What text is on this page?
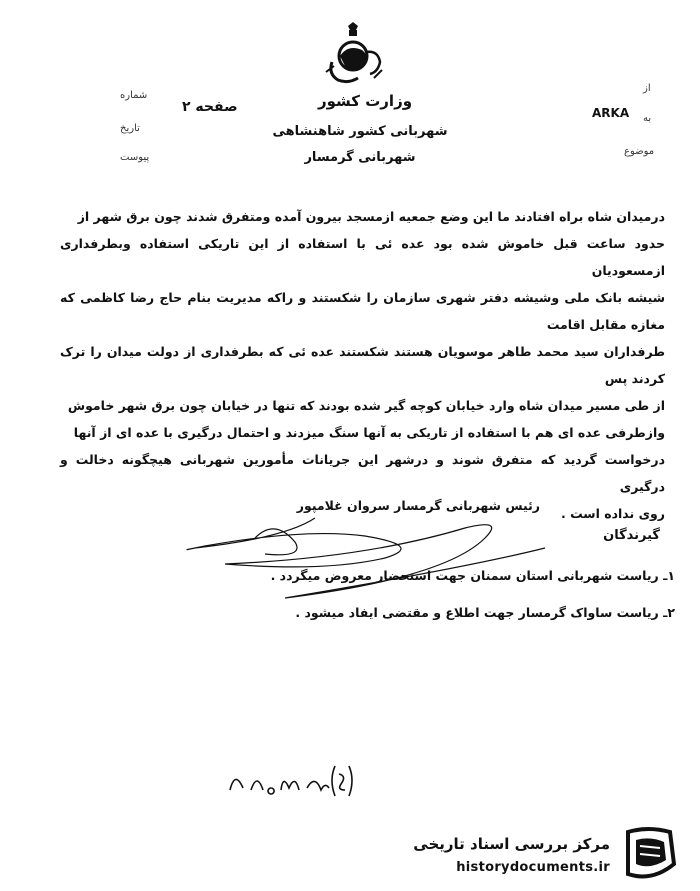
وزارت کشور
شهربانی کشور شاهنشاهی
شهربانی گرمسار
صفحه ۲
شماره
تاریخ
پیوست
از
به
موضوع
ARKA
درمیدان شاه براه افتادند ما این وضع جمعیه ازمسجد بیرون آمده ومتفرق شدند چون برق شهر از
حدود ساعت قبل خاموش شده بود عده ئی با استفاده از این تاریکی استفاده وبطرفداری ازمسعودیان
شیشه بانک ملی وشیشه دفتر شهری سازمان را شکستند و راکه مدیریت بنام حاج رضا کاظمی که مغازه مقابل اقامت
طرفداران سید محمد طاهر موسویان هستند شکستند عده ئی که بطرفداری از دولت میدان را ترک کردند پس
از طی مسیر میدان شاه وارد خیابان کوچه گیر شده بودند که تنها در خیابان چون برق شهر خاموش
وازطرفی عده ای هم با استفاده از تاریکی به آنها سنگ میزدند و احتمال درگیری با عده ای از آنها
درخواست گردید که متفرق شوند و درشهر این جریانات مأمورین شهربانی هیچگونه دخالت و درگیری
روی نداده است .
رئیس شهربانی گرمسار سروان غلامپور
گیرندگان
۱ـ ریاست شهربانی استان سمنان جهت استحضار معروض میگردد .
۲ـ ریاست ساواک گرمسار جهت اطلاع و مقتضی ایفاد میشود .
مرکز بررسی اسناد تاریخی
historydocuments.ir
